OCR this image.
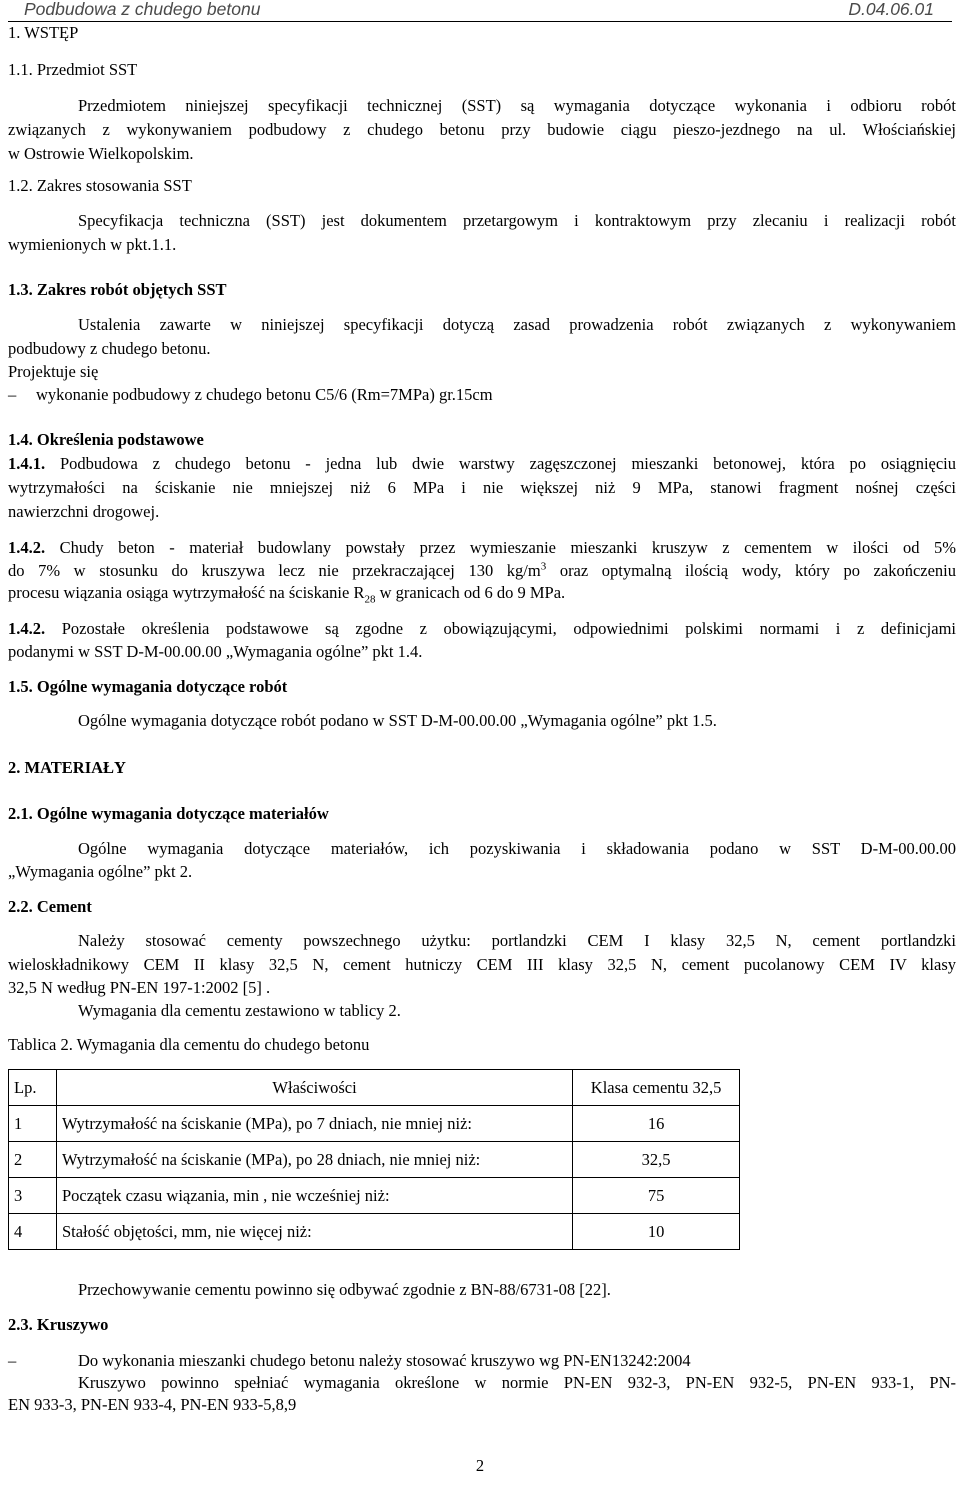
Podbudowa z chudego betonu	D.04.06.01
1. WSTĘP
1.1. Przedmiot SST
Przedmiotem niniejszej specyfikacji technicznej (SST) są wymagania dotyczące wykonania i odbioru robót
związanych z wykonywaniem podbudowy z chudego betonu przy budowie ciągu pieszo-jezdnego na ul. Włościańskiej
w Ostrowie Wielkopolskim.
1.2. Zakres stosowania SST
Specyfikacja techniczna (SST) jest dokumentem przetargowym i kontraktowym przy zlecaniu i realizacji robót
wymienionych w pkt.1.1.
1.3. Zakres robót objętych SST
Ustalenia zawarte w niniejszej specyfikacji dotyczą zasad prowadzenia robót związanych z wykonywaniem
podbudowy z chudego betonu.
Projektuje się
– wykonanie podbudowy z chudego betonu C5/6 (Rm=7MPa) gr.15cm
1.4. Określenia podstawowe
1.4.1. Podbudowa z chudego betonu - jedna lub dwie warstwy zagęszczonej mieszanki betonowej, która po osiągnięciu
wytrzymałości na ściskanie nie mniejszej niż 6 MPa i nie większej niż 9 MPa, stanowi fragment nośnej części
nawierzchni drogowej.
1.4.2. Chudy beton - materiał budowlany powstały przez wymieszanie mieszanki kruszyw z cementem w ilości od 5%
do 7% w stosunku do kruszywa lecz nie przekraczającej 130 $kg/m^3$ oraz optymalną ilością wody, który po zakończeniu
procesu wiązania osiąga wytrzymałość na ściskanie $R_{28}$ w granicach od 6 do 9 MPa.
1.4.2. Pozostałe określenia podstawowe są zgodne z obowiązującymi, odpowiednimi polskimi normami i z definicjami
podanymi w SST D-M-00.00.00 „Wymagania ogólne” pkt 1.4.
1.5. Ogólne wymagania dotyczące robót
Ogólne wymagania dotyczące robót podano w SST D-M-00.00.00 „Wymagania ogólne” pkt 1.5.
2. MATERIAŁY
2.1. Ogólne wymagania dotyczące materiałów
Ogólne wymagania dotyczące materiałów, ich pozyskiwania i składowania podano w SST D-M-00.00.00
„Wymagania ogólne” pkt 2.
2.2. Cement
Należy stosować cementy powszechnego użytku: portlandzki CEM I klasy 32,5 N, cement portlandzki
wieloskładnikowy CEM II klasy 32,5 N, cement hutniczy CEM III klasy 32,5 N, cement pucolanowy CEM IV klasy
32,5 N według PN-EN 197-1:2002 [5] .
Wymagania dla cementu zestawiono w tablicy 2.
Tablica 2. Wymagania dla cementu do chudego betonu
Lp.	Właściwości	Klasa cementu 32,5
1	Wytrzymałość na ściskanie (MPa), po 7 dniach, nie mniej niż:	16
2	Wytrzymałość na ściskanie (MPa), po 28 dniach, nie mniej niż:	32,5
3	Początek czasu wiązania, min , nie wcześniej niż:	75
4	Stałość objętości, mm, nie więcej niż:	10
Przechowywanie cementu powinno się odbywać zgodnie z BN-88/6731-08 [22].
2.3. Kruszywo
–	Do wykonania mieszanki chudego betonu należy stosować kruszywo wg PN-EN13242:2004
Kruszywo powinno spełniać wymagania określone w normie PN-EN 932-3, PN-EN 932-5, PN-EN 933-1, PN-
EN 933-3, PN-EN 933-4, PN-EN 933-5,8,9
2
